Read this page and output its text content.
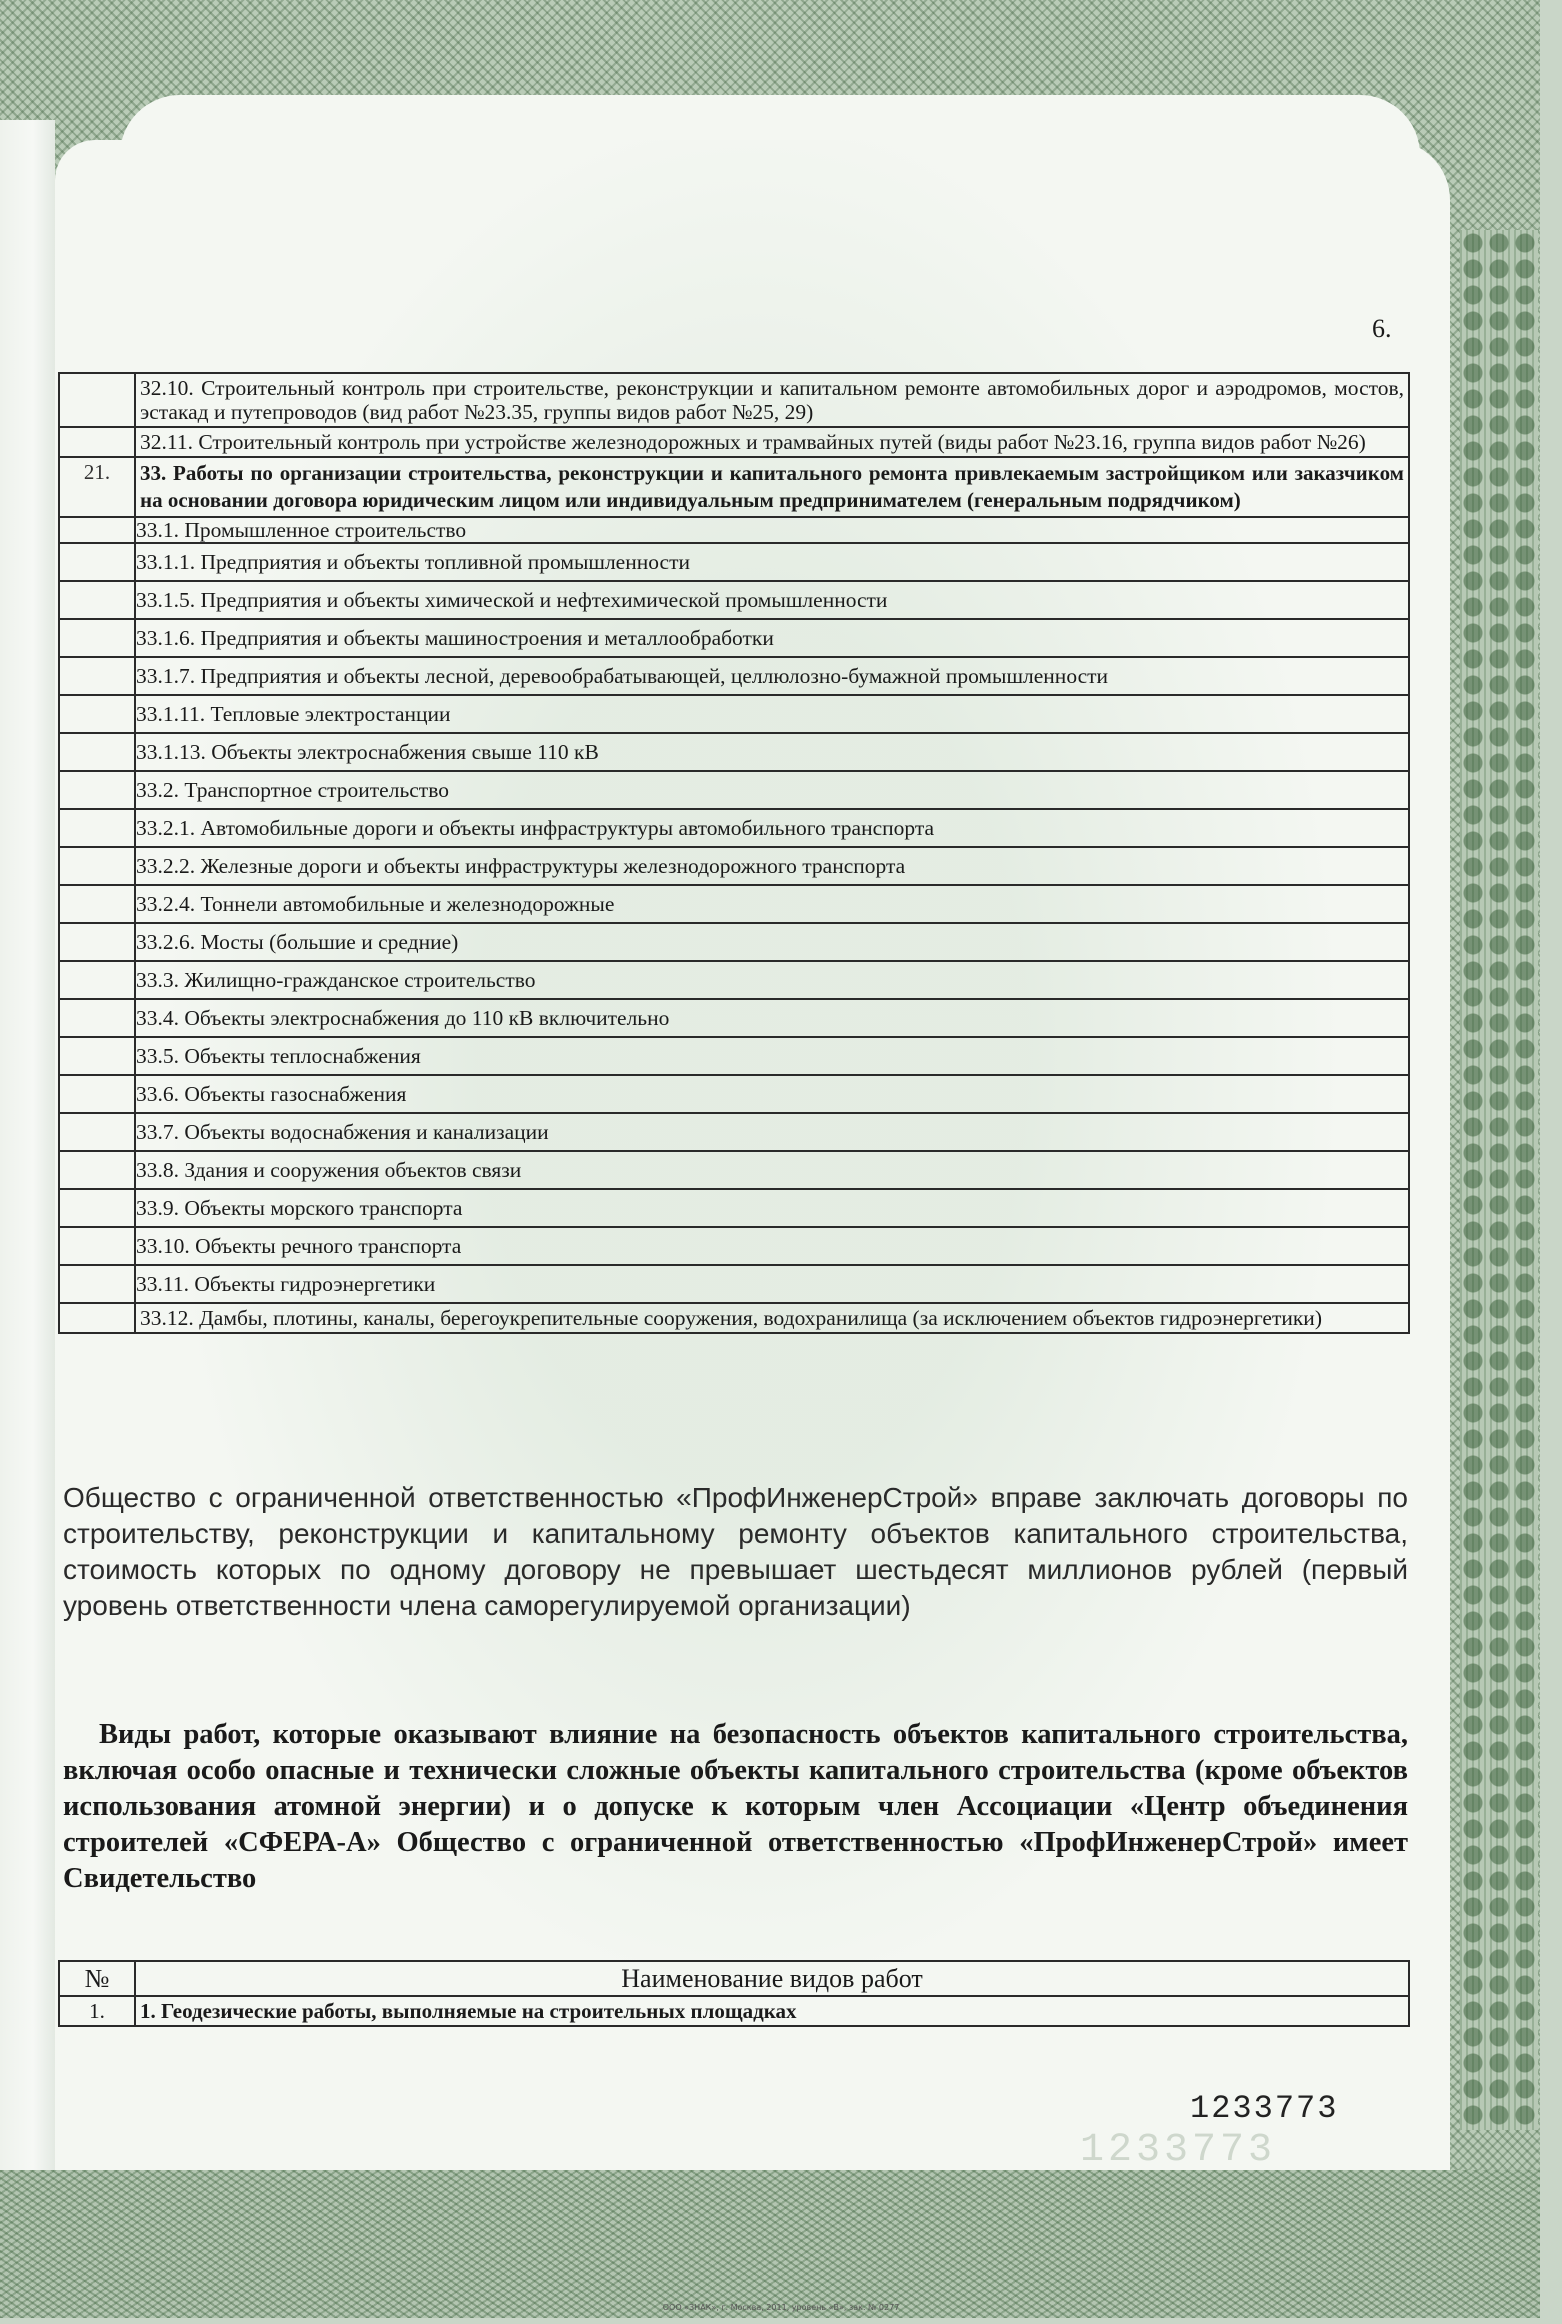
ООО «ЗНАК», г. Москва, 2011, уровень «В», зак. № 0277
6.
	32.10. Строительный контроль при строительстве, реконструкции и капитальном ремонте автомобильных дорог и аэродромов, мостов, эстакад и путепроводов (вид работ №23.35, группы видов работ №25, 29)
	32.11. Строительный контроль при устройстве железнодорожных и трамвайных путей (виды работ №23.16, группа видов работ №26)
21.	33. Работы по организации строительства, реконструкции и капитального ремонта привлекаемым застройщиком или заказчиком на основании договора юридическим лицом или индивидуальным предпринимателем (генеральным подрядчиком)
	33.1. Промышленное строительство
	33.1.1. Предприятия и объекты топливной промышленности
	33.1.5. Предприятия и объекты химической и нефтехимической промышленности
	33.1.6. Предприятия и объекты машиностроения и металлообработки
	33.1.7. Предприятия и объекты лесной, деревообрабатывающей, целлюлозно-бумажной промышленности
	33.1.11. Тепловые электростанции
	33.1.13. Объекты электроснабжения свыше 110 кВ
	33.2. Транспортное строительство
	33.2.1. Автомобильные дороги и объекты инфраструктуры автомобильного транспорта
	33.2.2. Железные дороги и объекты инфраструктуры железнодорожного транспорта
	33.2.4. Тоннели автомобильные и железнодорожные
	33.2.6. Мосты (большие и средние)
	33.3. Жилищно-гражданское строительство
	33.4. Объекты электроснабжения до 110 кВ включительно
	33.5. Объекты теплоснабжения
	33.6. Объекты газоснабжения
	33.7. Объекты водоснабжения и канализации
	33.8. Здания и сооружения объектов связи
	33.9. Объекты морского транспорта
	33.10. Объекты речного транспорта
	33.11. Объекты гидроэнергетики
	33.12. Дамбы, плотины, каналы, берегоукрепительные сооружения, водохранилища (за исключением объектов гидроэнергетики)
Общество с ограниченной ответственностью «ПрофИнженерСтрой» вправе заключать договоры по строительству, реконструкции и капитальному ремонту объектов капитального строительства, стоимость которых по одному договору не превышает шестьдесят миллионов рублей (первый уровень ответственности члена саморегулируемой организации)
Виды работ, которые оказывают влияние на безопасность объектов капитального строительства, включая особо опасные и технически сложные объекты капитального строительства (кроме объектов использования атомной энергии) и о допуске к которым член Ассоциации «Центр объединения строителей «СФЕРА-А» Общество с ограниченной ответственностью «ПрофИнженерСтрой» имеет Свидетельство
№	Наименование видов работ
1.	1. Геодезические работы, выполняемые на строительных площадках
1233773
1233773
